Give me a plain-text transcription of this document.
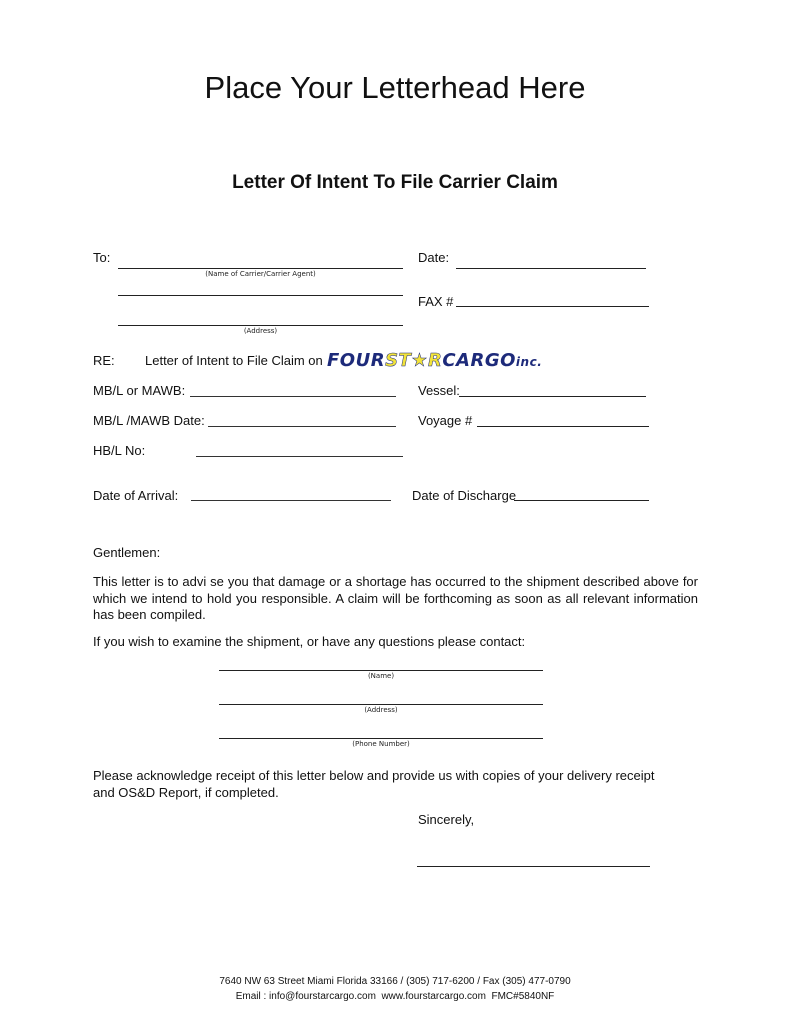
Place Your Letterhead Here
Letter Of Intent To File Carrier Claim
To:
(Name of Carrier/Carrier Agent)
(Address)
Date:
FAX #
RE: Letter of Intent to File Claim on FOURST★RCARGOinc.
MB/L or MAWB:	Vessel:
MB/L /MAWB Date:	Voyage #
HB/L No:
Date of Arrival:	Date of Discharge
Gentlemen:
This letter is to advi se you that damage or a shortage has occurred to the shipment described above for which we intend to hold you responsible. A claim will be forthcoming as soon as all relevant information has been compiled.
If you wish to examine the shipment, or have any questions please contact:
(Name)
(Address)
(Phone Number)
Please acknowledge receipt of this letter below and provide us with copies of your delivery receipt and OS&D Report, if completed.
Sincerely,
7640 NW 63 Street Miami Florida 33166 / (305) 717-6200 / Fax (305) 477-0790
Email : info@fourstarcargo.com  www.fourstarcargo.com  FMC#5840NF
